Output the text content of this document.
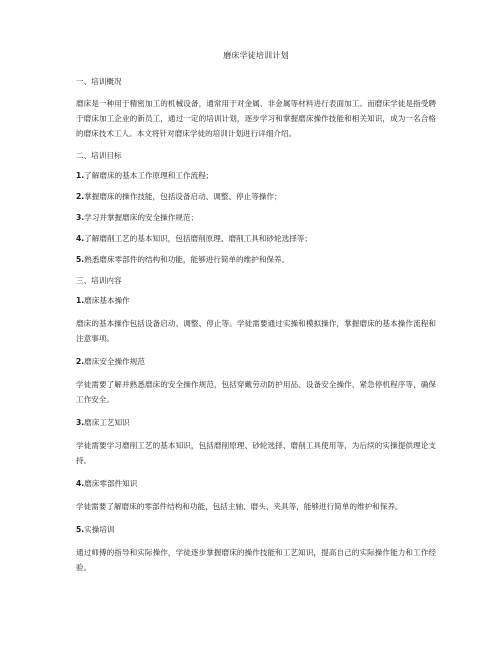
磨床学徒培训计划
一、培训概况
磨床是一种用于精密加工的机械设备，通常用于对金属、非金属等材料进行表面加工。而磨床学徒是指受聘于磨床加工企业的新员工，通过一定的培训计划，逐步学习和掌握磨床操作技能和相关知识，成为一名合格的磨床技术工人。本文将针对磨床学徒的培训计划进行详细介绍。
二、培训目标
1.了解磨床的基本工作原理和工作流程；
2.掌握磨床的操作技能，包括设备启动、调整、停止等操作；
3.学习并掌握磨床的安全操作规范；
4.了解磨削工艺的基本知识，包括磨削原理、磨削工具和砂轮选择等；
5.熟悉磨床零部件的结构和功能，能够进行简单的维护和保养。
三、培训内容
1.磨床基本操作
磨床的基本操作包括设备启动、调整、停止等。学徒需要通过实操和模拟操作，掌握磨床的基本操作流程和注意事项。
2.磨床安全操作规范
学徒需要了解并熟悉磨床的安全操作规范，包括穿戴劳动防护用品、设备安全操作、紧急停机程序等，确保工作安全。
3.磨床工艺知识
学徒需要学习磨削工艺的基本知识，包括磨削原理、砂轮选择、磨削工具使用等，为后续的实操提供理论支持。
4.磨床零部件知识
学徒需要了解磨床的零部件结构和功能，包括主轴、磨头、夹具等，能够进行简单的维护和保养。
5.实操培训
通过师傅的指导和实际操作，学徒逐步掌握磨床的操作技能和工艺知识，提高自己的实际操作能力和工作经验。
